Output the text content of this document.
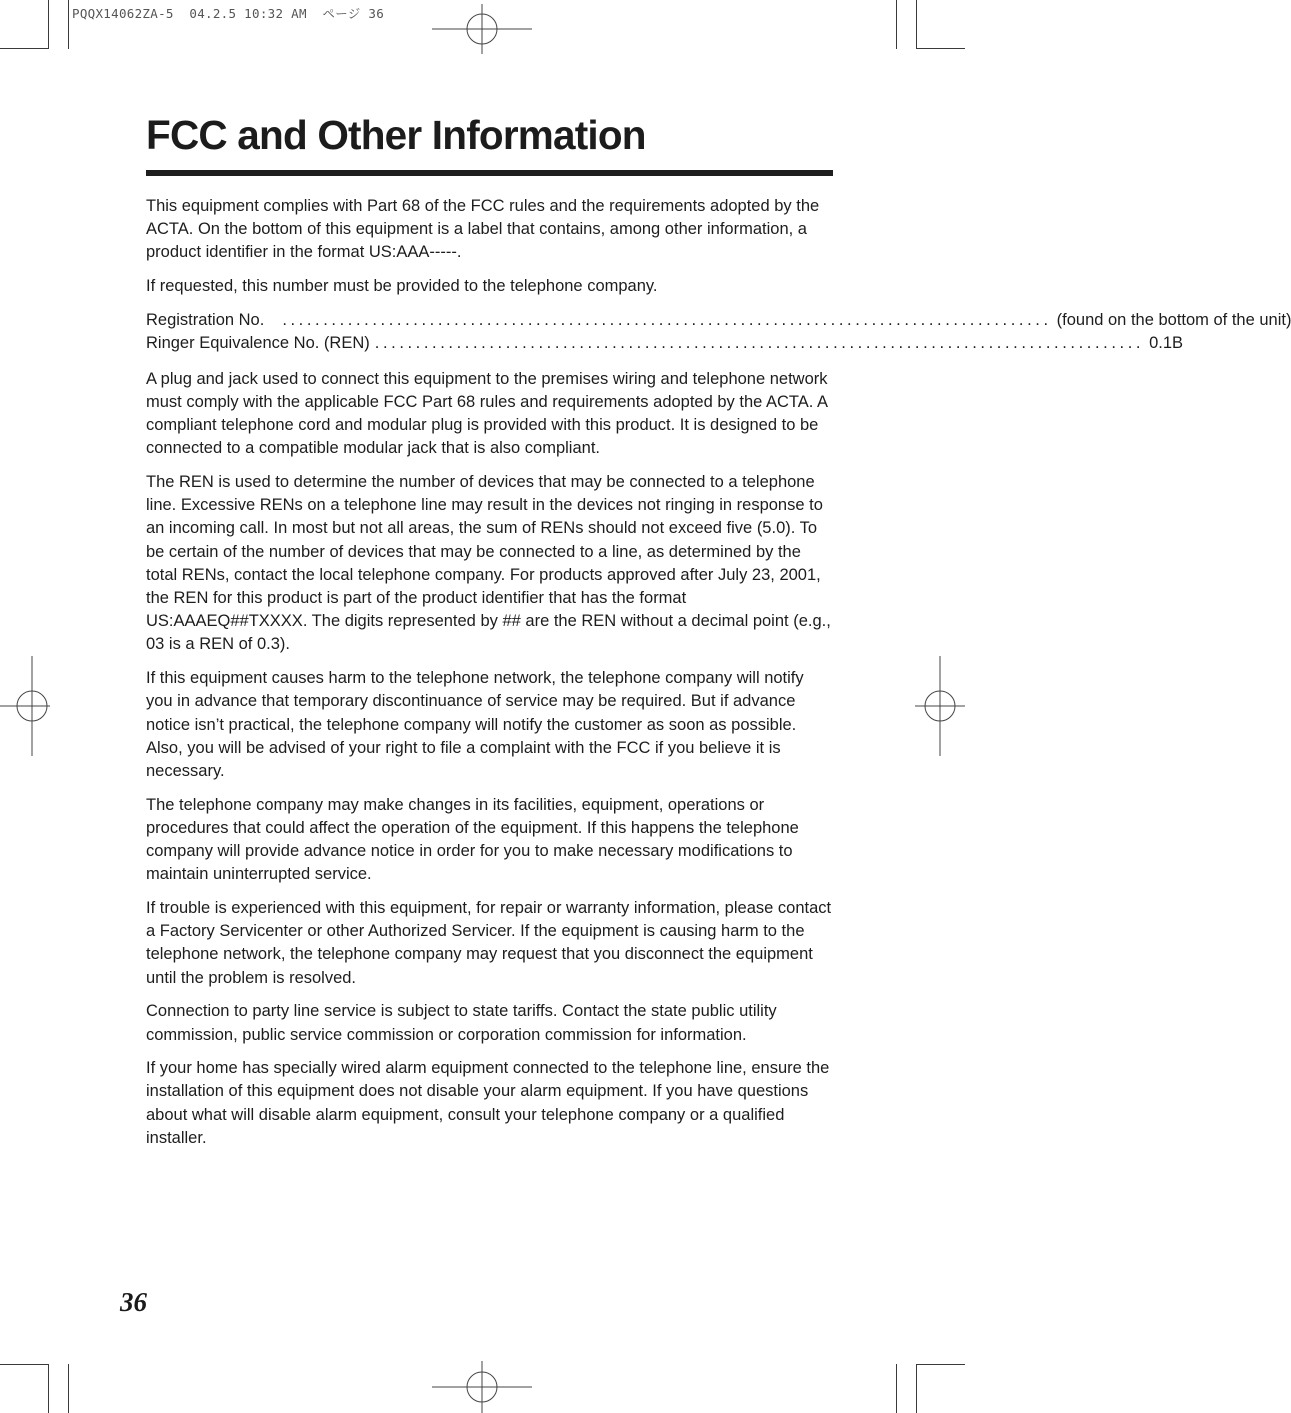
PQQX14062ZA-5  04.2.5 10:32 AM  ページ 36
FCC and Other Information

This equipment complies with Part 68 of the FCC rules and the requirements adopted by the ACTA. On the bottom of this equipment is a label that contains, among other information, a product identifier in the format US:AAA-----.

If requested, this number must be provided to the telephone company.

Registration No. .............................................................................................. (found on the bottom of the unit)
Ringer Equivalence No. (REN) .............................................................................................. 0.1B

A plug and jack used to connect this equipment to the premises wiring and telephone network must comply with the applicable FCC Part 68 rules and requirements adopted by the ACTA. A compliant telephone cord and modular plug is provided with this product. It is designed to be connected to a compatible modular jack that is also compliant.

The REN is used to determine the number of devices that may be connected to a telephone line. Excessive RENs on a telephone line may result in the devices not ringing in response to an incoming call. In most but not all areas, the sum of RENs should not exceed five (5.0). To be certain of the number of devices that may be connected to a line, as determined by the total RENs, contact the local telephone company. For products approved after July 23, 2001, the REN for this product is part of the product identifier that has the format US:AAAEQ##TXXXX. The digits represented by ## are the REN without a decimal point (e.g., 03 is a REN of 0.3).

If this equipment causes harm to the telephone network, the telephone company will notify you in advance that temporary discontinuance of service may be required. But if advance notice isn’t practical, the telephone company will notify the customer as soon as possible. Also, you will be advised of your right to file a complaint with the FCC if you believe it is necessary.

The telephone company may make changes in its facilities, equipment, operations or procedures that could affect the operation of the equipment. If this happens the telephone company will provide advance notice in order for you to make necessary modifications to maintain uninterrupted service.

If trouble is experienced with this equipment, for repair or warranty information, please contact a Factory Servicenter or other Authorized Servicer. If the equipment is causing harm to the telephone network, the telephone company may request that you disconnect the equipment until the problem is resolved.

Connection to party line service is subject to state tariffs. Contact the state public utility commission, public service commission or corporation commission for information.

If your home has specially wired alarm equipment connected to the telephone line, ensure the installation of this equipment does not disable your alarm equipment. If you have questions about what will disable alarm equipment, consult your telephone company or a qualified installer.

36
